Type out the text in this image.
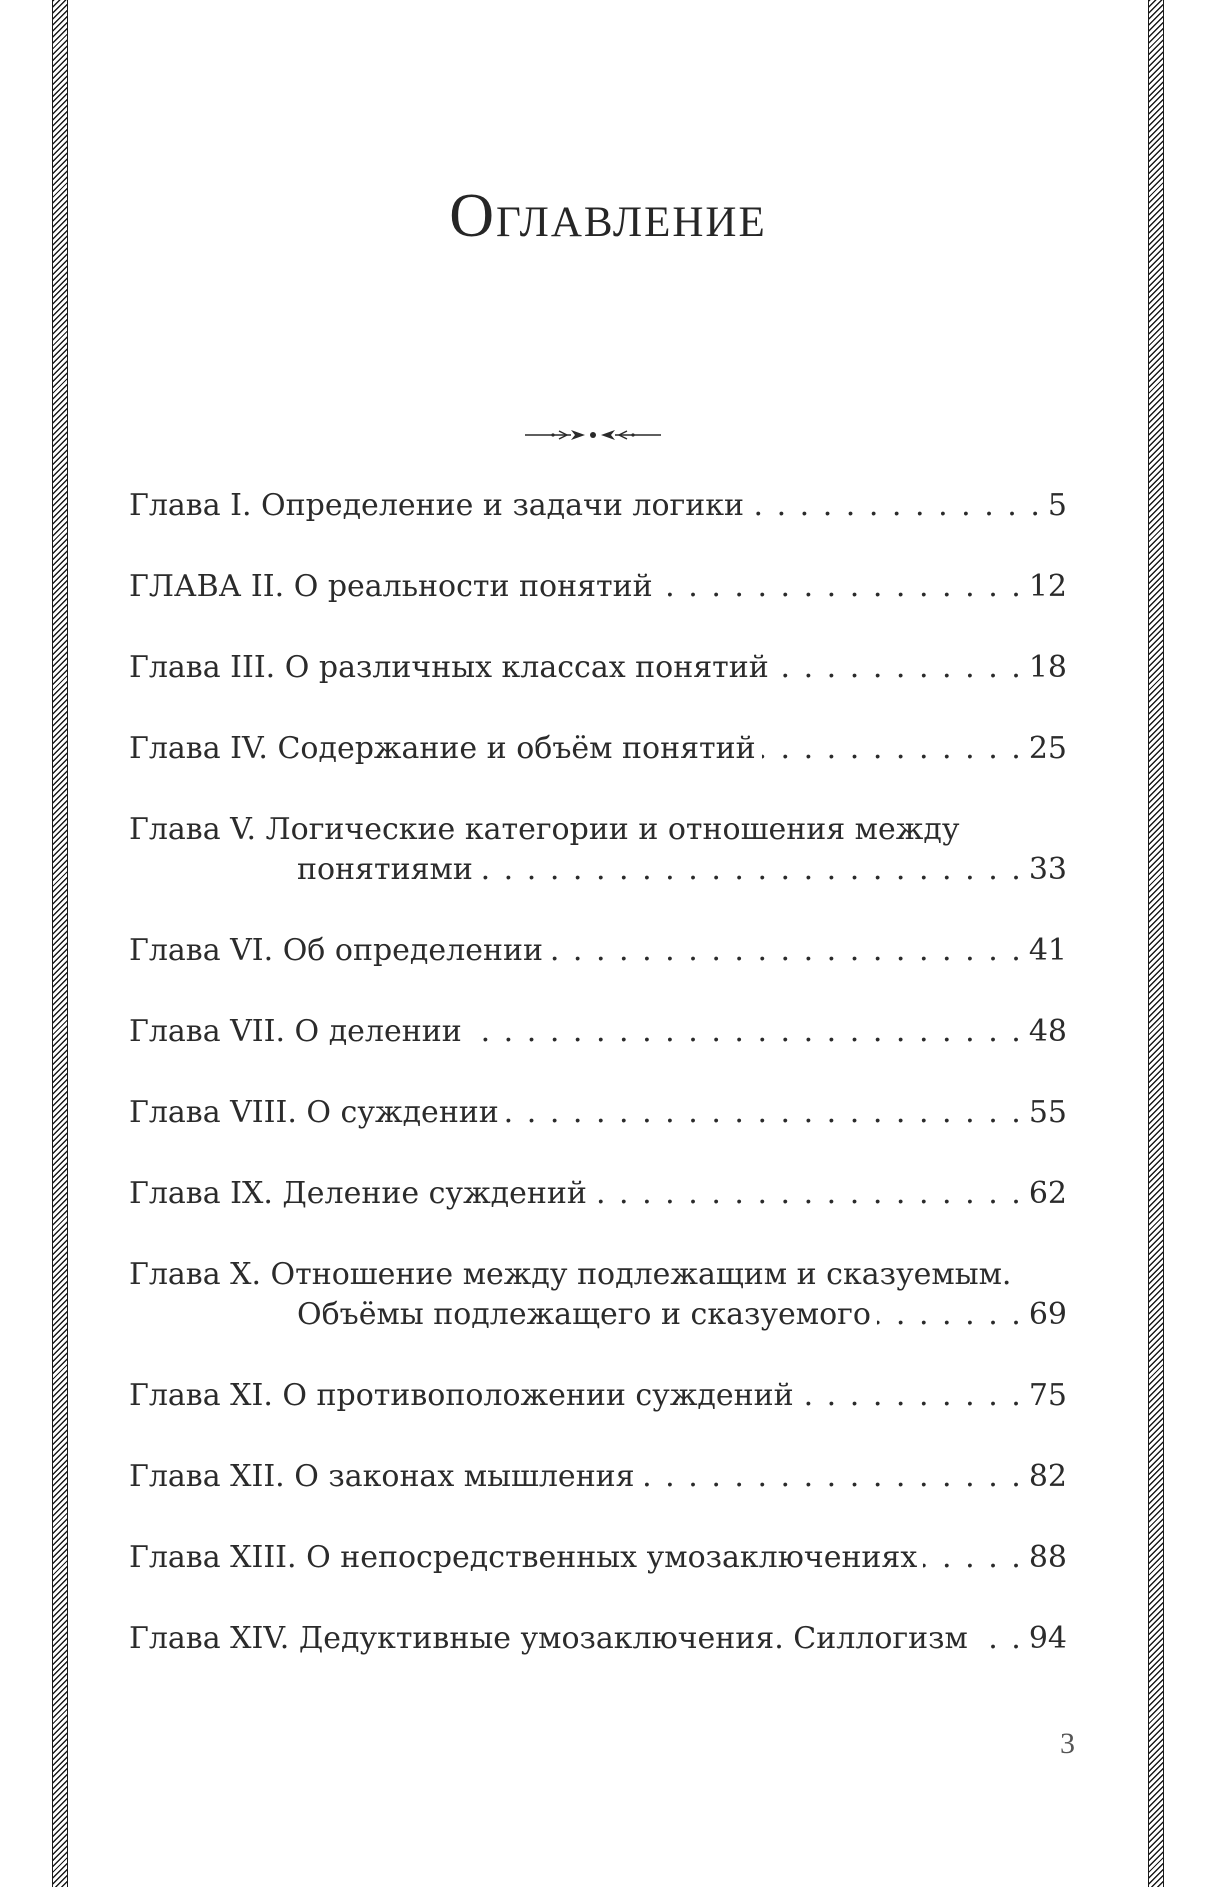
Оглавление
Глава I. Определение и задачи логики . . .	5
ГЛАВА II. О реальности понятий . . .	12
Глава III. О различных классах понятий . . .	18
Глава IV. Содержание и объём понятий . . .	25
Глава V. Логические категории и отношения между
понятиями . . .	33
Глава VI. Об определении . . .	41
Глава VII. О делении . . .	48
Глава VIII. О суждении . . .	55
Глава IX. Деление суждений . . .	62
Глава X. Отношение между подлежащим и сказуемым.
Объёмы подлежащего и сказуемого . . .	69
Глава XI. О противоположении суждений . . .	75
Глава XII. О законах мышления . . .	82
Глава XIII. О непосредственных умозаключениях . . .	88
Глава XIV. Дедуктивные умозаключения. Силлогизм . . . 94
3
